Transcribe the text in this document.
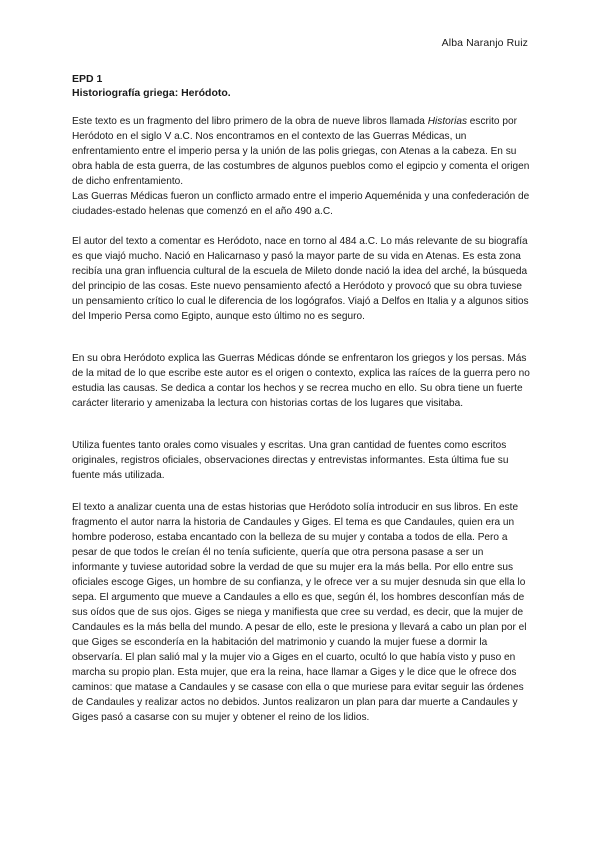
Alba Naranjo Ruiz
EPD 1
Historiografía griega: Heródoto.

Este texto es un fragmento del libro primero de la obra de nueve libros llamada Historias escrito por Heródoto en el siglo V a.C. Nos encontramos en el contexto de las Guerras Médicas, un enfrentamiento entre el imperio persa y la unión de las polis griegas, con Atenas a la cabeza. En su obra habla de esta guerra, de las costumbres de algunos pueblos como el egipcio y comenta el origen de dicho enfrentamiento.

Las Guerras Médicas fueron un conflicto armado entre el imperio Aqueménida y una confederación de ciudades-estado helenas que comenzó en el año 490 a.C.

El autor del texto a comentar es Heródoto, nace en torno al 484 a.C. Lo más relevante de su biografía es que viajó mucho. Nació en Halicarnaso y pasó la mayor parte de su vida en Atenas. Es esta zona recibía una gran influencia cultural de la escuela de Mileto donde nació la idea del arché, la búsqueda del principio de las cosas. Este nuevo pensamiento afectó a Heródoto y provocó que su obra tuviese un pensamiento crítico lo cual le diferencia de los logógrafos. Viajó a Delfos en Italia y a algunos sitios del Imperio Persa como Egipto, aunque esto último no es seguro.

En su obra Heródoto explica las Guerras Médicas dónde se enfrentaron los griegos y los persas. Más de la mitad de lo que escribe este autor es el origen o contexto, explica las raíces de la guerra pero no estudia las causas. Se dedica a contar los hechos y se recrea mucho en ello. Su obra tiene un fuerte carácter literario y amenizaba la lectura con historias cortas de los lugares que visitaba.

Utiliza fuentes tanto orales como visuales y escritas. Una gran cantidad de fuentes como escritos originales, registros oficiales, observaciones directas y entrevistas informantes. Esta última fue su fuente más utilizada.

El texto a analizar cuenta una de estas historias que Heródoto solía introducir en sus libros. En este fragmento el autor narra la historia de Candaules y Giges. El tema es que Candaules, quien era un hombre poderoso, estaba encantado con la belleza de su mujer y contaba a todos de ella. Pero a pesar de que todos le creían él no tenía suficiente, quería que otra persona pasase a ser un informante y tuviese autoridad sobre la verdad de que su mujer era la más bella. Por ello entre sus oficiales escoge Giges, un hombre de su confianza, y le ofrece ver a su mujer desnuda sin que ella lo sepa. El argumento que mueve a Candaules a ello es que, según él, los hombres desconfían más de sus oídos que de sus ojos. Giges se niega y manifiesta que cree su verdad, es decir, que la mujer de Candaules es la más bella del mundo. A pesar de ello, este le presiona y llevará a cabo un plan por el que Giges se escondería en la habitación del matrimonio y cuando la mujer fuese a dormir la observaría. El plan salió mal y la mujer vio a Giges en el cuarto, ocultó lo que había visto y puso en marcha su propio plan. Esta mujer, que era la reina, hace llamar a Giges y le dice que le ofrece dos caminos: que matase a Candaules y se casase con ella o que muriese para evitar seguir las órdenes de Candaules y realizar actos no debidos. Juntos realizaron un plan para dar muerte a Candaules y Giges pasó a casarse con su mujer y obtener el reino de los lidios.
